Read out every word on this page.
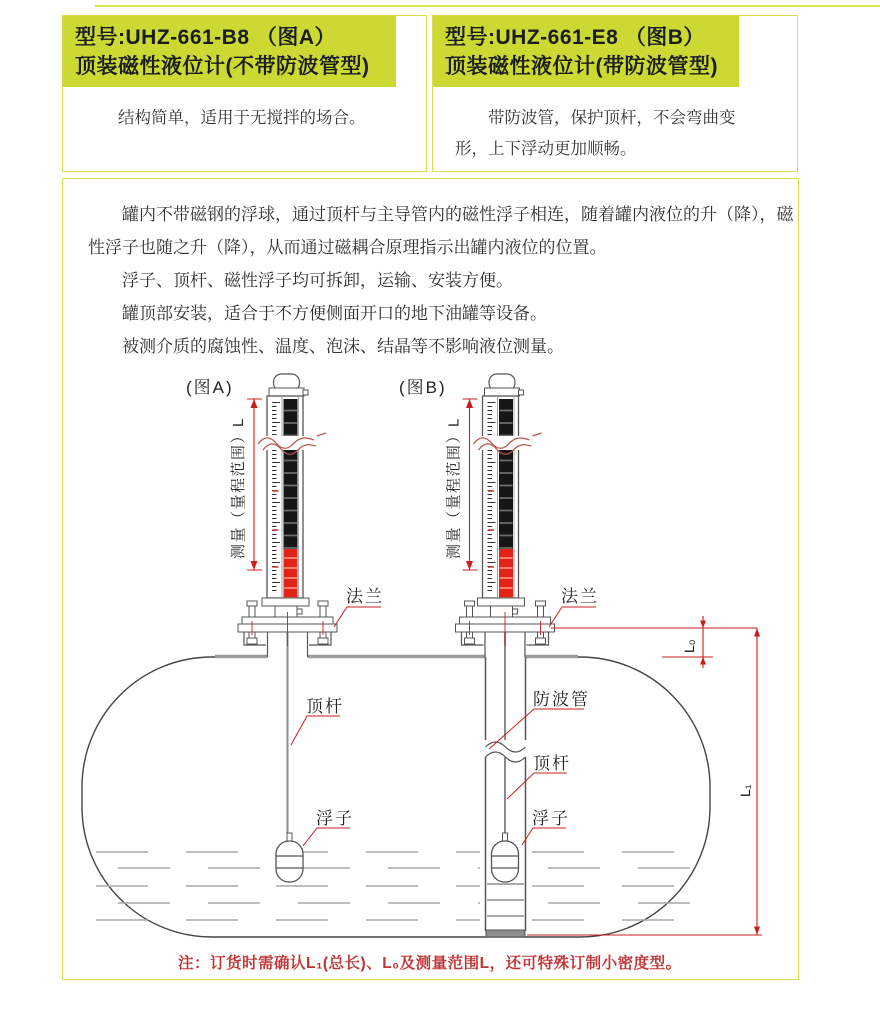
型号:UHZ-661-B8 （图A）
顶装磁性液位计(不带防波管型)

结构简单，适用于无搅拌的场合。

型号:UHZ-661-E8 （图B）
顶装磁性液位计(带防波管型)

带防波管，保护顶杆，不会弯曲变形，上下浮动更加顺畅。

罐内不带磁钢的浮球，通过顶杆与主导管内的磁性浮子相连，随着罐内液位的升（降），磁性浮子也随之升（降），从而通过磁耦合原理指示出罐内液位的位置。

浮子、顶杆、磁性浮子均可拆卸，运输、安装方便。

罐顶部安装，适合于不方便侧面开口的地下油罐等设备。

被测介质的腐蚀性、温度、泡沫、结晶等不影响液位测量。

L₀
L₁
(图A)	(图B)
测量（量程范围）L	测量（量程范围）L
法兰	法兰
顶杆	防波管
顶杆
浮子	浮子
注：订货时需确认L₁(总长)、L₀及测量范围L，还可特殊订制小密度型。
